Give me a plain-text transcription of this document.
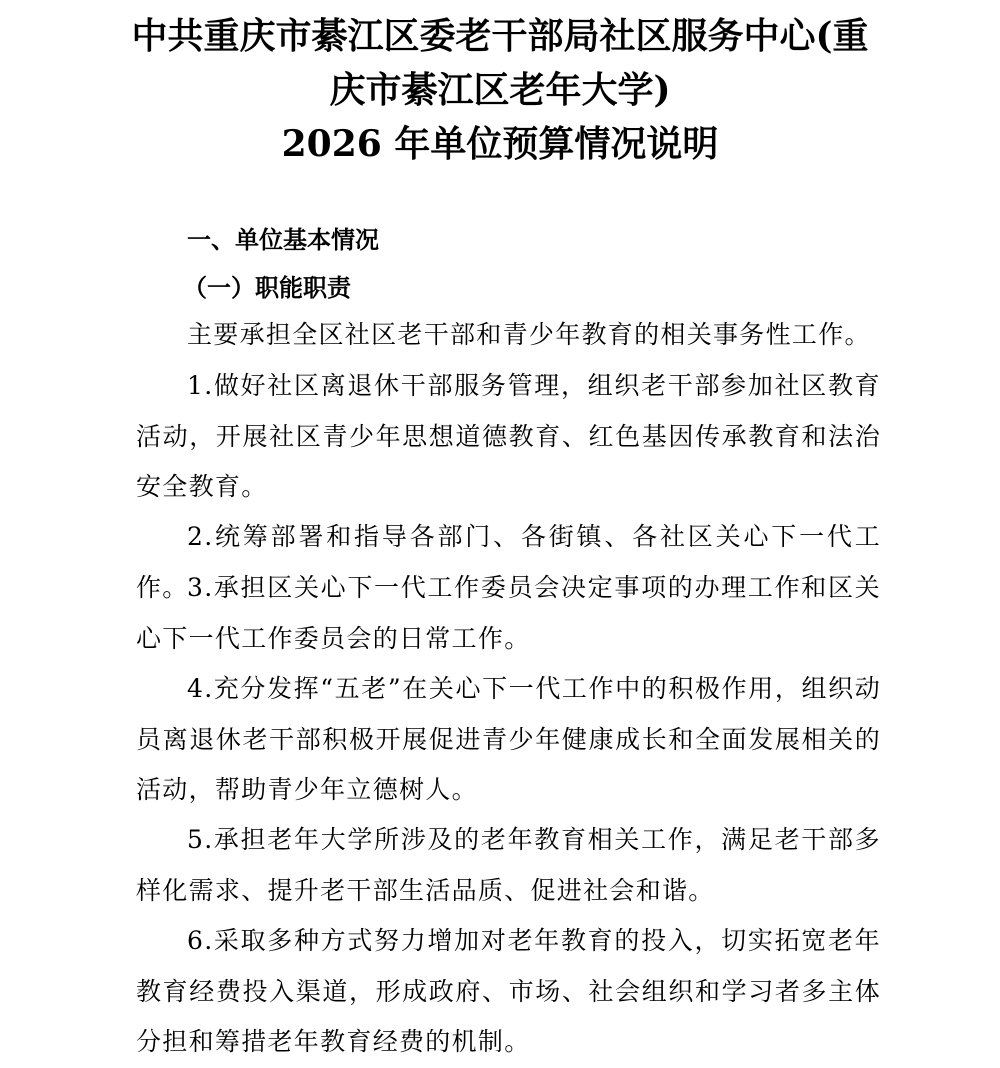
中共重庆市綦江区委老干部局社区服务中心(重
庆市綦江区老年大学)
2026 年单位预算情况说明
一、单位基本情况
（一）职能职责

主要承担全区社区老干部和青少年教育的相关事务性工作。

1.做好社区离退休干部服务管理，组织老干部参加社区教育活动，开展社区青少年思想道德教育、红色基因传承教育和法治安全教育。

2.统筹部署和指导各部门、各街镇、各社区关心下一代工作。

3.承担区关心下一代工作委员会决定事项的办理工作和区关心下一代工作委员会的日常工作。

4.充分发挥“五老”在关心下一代工作中的积极作用，组织动员离退休老干部积极开展促进青少年健康成长和全面发展相关的活动，帮助青少年立德树人。

5.承担老年大学所涉及的老年教育相关工作，满足老干部多样化需求、提升老干部生活品质、促进社会和谐。

6.采取多种方式努力增加对老年教育的投入，切实拓宽老年教育经费投入渠道，形成政府、市场、社会组织和学习者多主体分担和筹措老年教育经费的机制。
